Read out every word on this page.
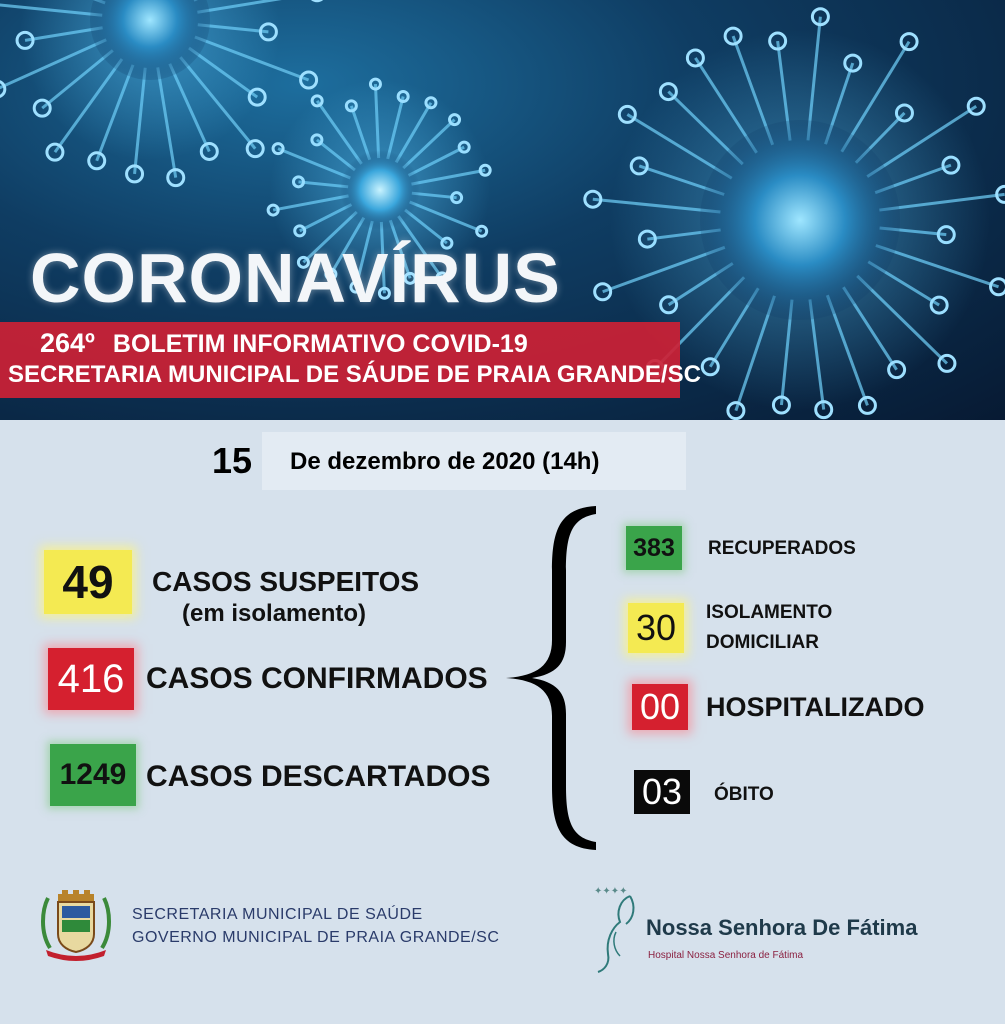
CORONAVÍRUS
264º BOLETIM INFORMATIVO COVID-19
SECRETARIA MUNICIPAL DE SÁUDE DE PRAIA GRANDE/SC
15 De dezembro de 2020 (14h)
49 CASOS SUSPEITOS
(em isolamento)
416 CASOS CONFIRMADOS
1249 CASOS DESCARTADOS
383 RECUPERADOS
30 ISOLAMENTO
DOMICILIAR
00 HOSPITALIZADO
03 ÓBITO
SECRETARIA MUNICIPAL DE SAÚDE
GOVERNO MUNICIPAL DE PRAIA GRANDE/SC
✦✦✦✦
Nossa Senhora De Fátima
Hospital Nossa Senhora de Fátima
